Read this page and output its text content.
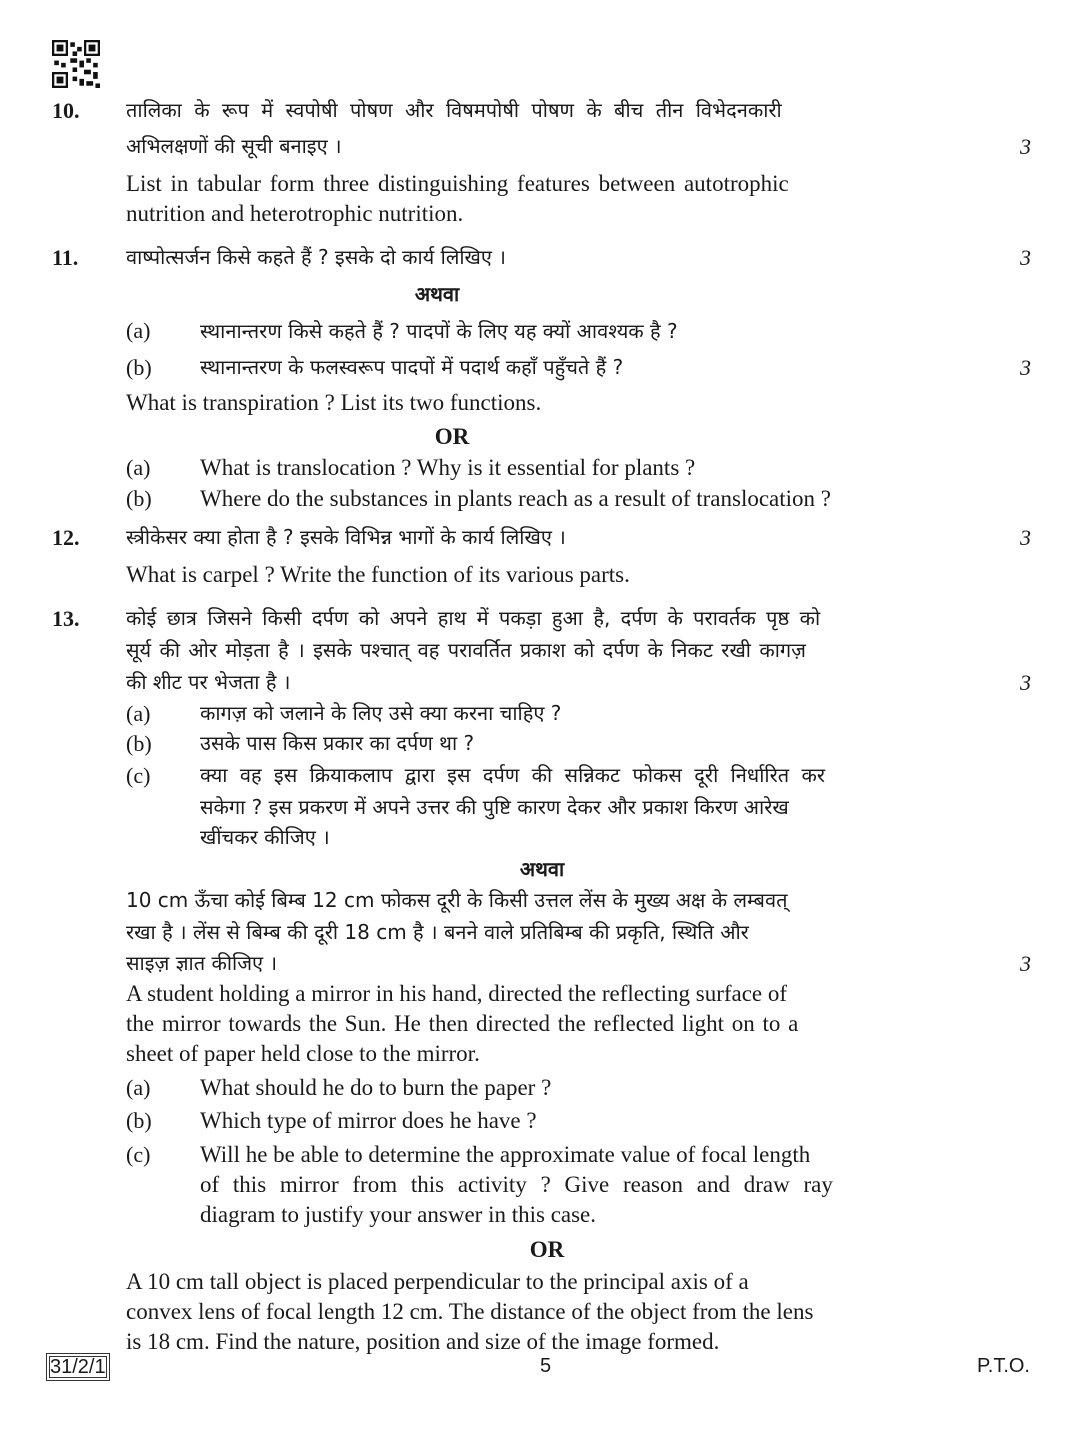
10. तालिका के रूप में स्वपोषी पोषण और विषमपोषी पोषण के बीच तीन विभेदनकारी
अभिलक्षणों की सूची बनाइए ।	3
List in tabular form three distinguishing features between autotrophic
nutrition and heterotrophic nutrition.
11. वाष्पोत्सर्जन किसे कहते हैं ? इसके दो कार्य लिखिए ।	3
अथवा
(a) स्थानान्तरण किसे कहते हैं ? पादपों के लिए यह क्यों आवश्यक है ?
(b) स्थानान्तरण के फलस्वरूप पादपों में पदार्थ कहाँ पहुँचते हैं ?	3
What is transpiration ? List its two functions.
OR
(a) What is translocation ? Why is it essential for plants ?
(b) Where do the substances in plants reach as a result of translocation ?
12. स्त्रीकेसर क्या होता है ? इसके विभिन्न भागों के कार्य लिखिए ।	3
What is carpel ? Write the function of its various parts.
13. कोई छात्र जिसने किसी दर्पण को अपने हाथ में पकड़ा हुआ है, दर्पण के परावर्तक पृष्ठ को
सूर्य की ओर मोड़ता है । इसके पश्चात् वह परावर्तित प्रकाश को दर्पण के निकट रखी कागज़
की शीट पर भेजता है ।	3
(a) कागज़ को जलाने के लिए उसे क्या करना चाहिए ?
(b) उसके पास किस प्रकार का दर्पण था ?
(c) क्या वह इस क्रियाकलाप द्वारा इस दर्पण की सन्निकट फोकस दूरी निर्धारित कर
सकेगा ? इस प्रकरण में अपने उत्तर की पुष्टि कारण देकर और प्रकाश किरण आरेख
खींचकर कीजिए ।
अथवा
10 cm ऊँचा कोई बिम्ब 12 cm फोकस दूरी के किसी उत्तल लेंस के मुख्य अक्ष के लम्बवत्
रखा है । लेंस से बिम्ब की दूरी 18 cm है । बनने वाले प्रतिबिम्ब की प्रकृति, स्थिति और
साइज़ ज्ञात कीजिए ।	3
A student holding a mirror in his hand, directed the reflecting surface of
the mirror towards the Sun. He then directed the reflected light on to a
sheet of paper held close to the mirror.
(a) What should he do to burn the paper ?
(b) Which type of mirror does he have ?
(c) Will he be able to determine the approximate value of focal length
of this mirror from this activity ? Give reason and draw ray
diagram to justify your answer in this case.
OR
A 10 cm tall object is placed perpendicular to the principal axis of a
convex lens of focal length 12 cm. The distance of the object from the lens
is 18 cm. Find the nature, position and size of the image formed.
31/2/1	5	P.T.O.
